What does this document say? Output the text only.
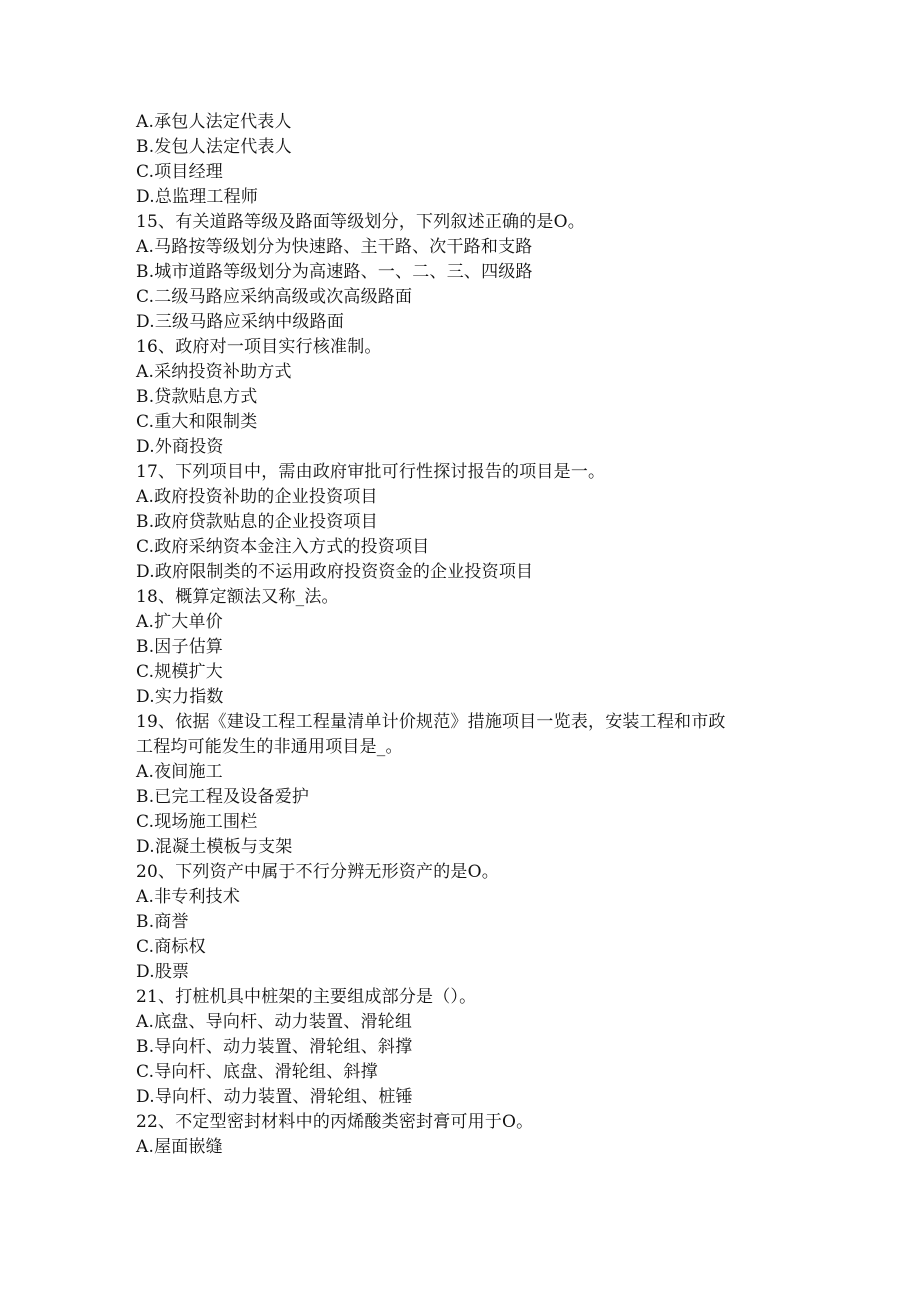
A.承包人法定代表人
B.发包人法定代表人
C.项目经理
D.总监理工程师
15、有关道路等级及路面等级划分，下列叙述正确的是O。
A.马路按等级划分为快速路、主干路、次干路和支路
B.城市道路等级划分为高速路、一、二、三、四级路
C.二级马路应采纳高级或次高级路面
D.三级马路应采纳中级路面
16、政府对一项目实行核准制。
A.采纳投资补助方式
B.贷款贴息方式
C.重大和限制类
D.外商投资
17、下列项目中，需由政府审批可行性探讨报告的项目是一。
A.政府投资补助的企业投资项目
B.政府贷款贴息的企业投资项目
C.政府采纳资本金注入方式的投资项目
D.政府限制类的不运用政府投资资金的企业投资项目
18、概算定额法又称_法。
A.扩大单价
B.因子估算
C.规模扩大
D.实力指数
19、依据《建设工程工程量清单计价规范》措施项目一览表，安装工程和市政
工程均可能发生的非通用项目是_。
A.夜间施工
B.已完工程及设备爱护
C.现场施工围栏
D.混凝土模板与支架
20、下列资产中属于不行分辨无形资产的是O。
A.非专利技术
B.商誉
C.商标权
D.股票
21、打桩机具中桩架的主要组成部分是（）。
A.底盘、导向杆、动力装置、滑轮组
B.导向杆、动力装置、滑轮组、斜撑
C.导向杆、底盘、滑轮组、斜撑
D.导向杆、动力装置、滑轮组、桩锤
22、不定型密封材料中的丙烯酸类密封膏可用于O。
A.屋面嵌缝
